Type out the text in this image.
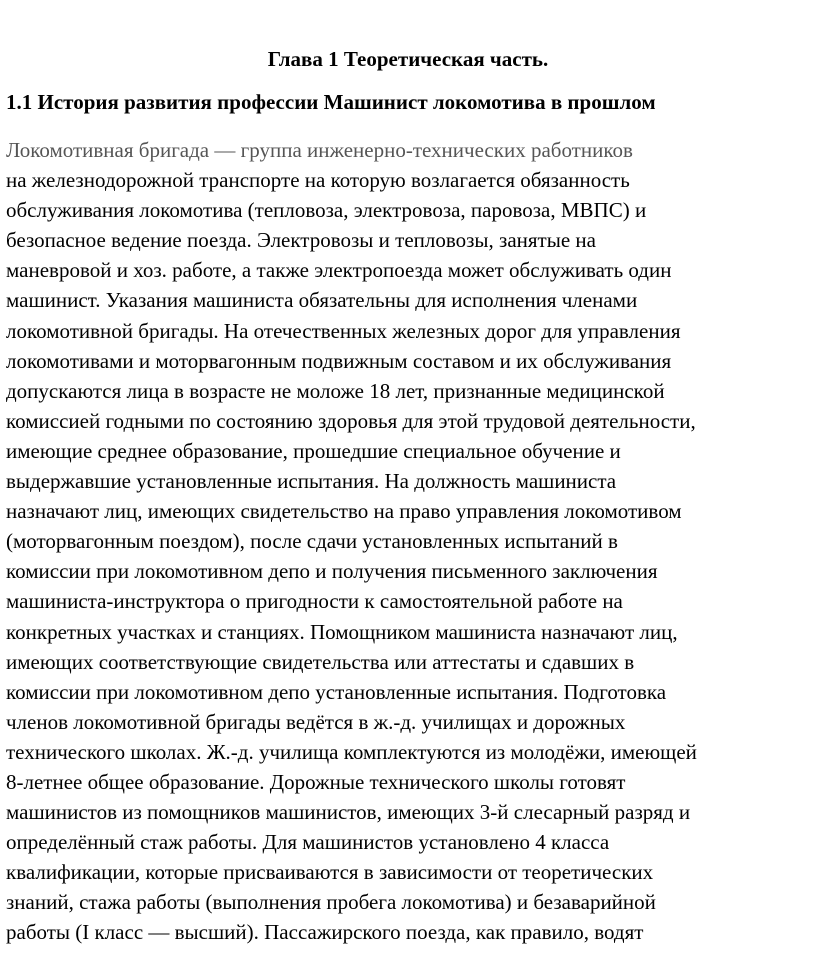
Глава 1 Теоретическая часть.
1.1 История развития профессии Машинист локомотива в прошлом
Локомотивная бригада — группа инженерно-технических работников
на железнодорожной транспорте на которую возлагается обязанность
обслуживания локомотива (тепловоза, электровоза, паровоза, МВПС) и
безопасное ведение поезда. Электровозы и тепловозы, занятые на
маневровой и хоз. работе, а также электропоезда может обслуживать один
машинист. Указания машиниста обязательны для исполнения членами
локомотивной бригады. На отечественных железных дорог для управления
локомотивами и моторвагонным подвижным составом и их обслуживания
допускаются лица в возрасте не моложе 18 лет, признанные медицинской
комиссией годными по состоянию здоровья для этой трудовой деятельности,
имеющие среднее образование, прошедшие специальное обучение и
выдержавшие установленные испытания. На должность машиниста
назначают лиц, имеющих свидетельство на право управления локомотивом
(моторвагонным поездом), после сдачи установленных испытаний в
комиссии при локомотивном депо и получения письменного заключения
машиниста-инструктора о пригодности к самостоятельной работе на
конкретных участках и станциях. Помощником машиниста назначают лиц,
имеющих соответствующие свидетельства или аттестаты и сдавших в
комиссии при локомотивном депо установленные испытания. Подготовка
членов локомотивной бригады ведётся в ж.-д. училищах и дорожных
технического школах. Ж.-д. училища комплектуются из молодёжи, имеющей
8-летнее общее образование. Дорожные технического школы готовят
машинистов из помощников машинистов, имеющих 3-й слесарный разряд и
определённый стаж работы. Для машинистов установлено 4 класса
квалификации, которые присваиваются в зависимости от теоретических
знаний, стажа работы (выполнения пробега локомотива) и безаварийной
работы (I класс — высший). Пассажирского поезда, как правило, водят
